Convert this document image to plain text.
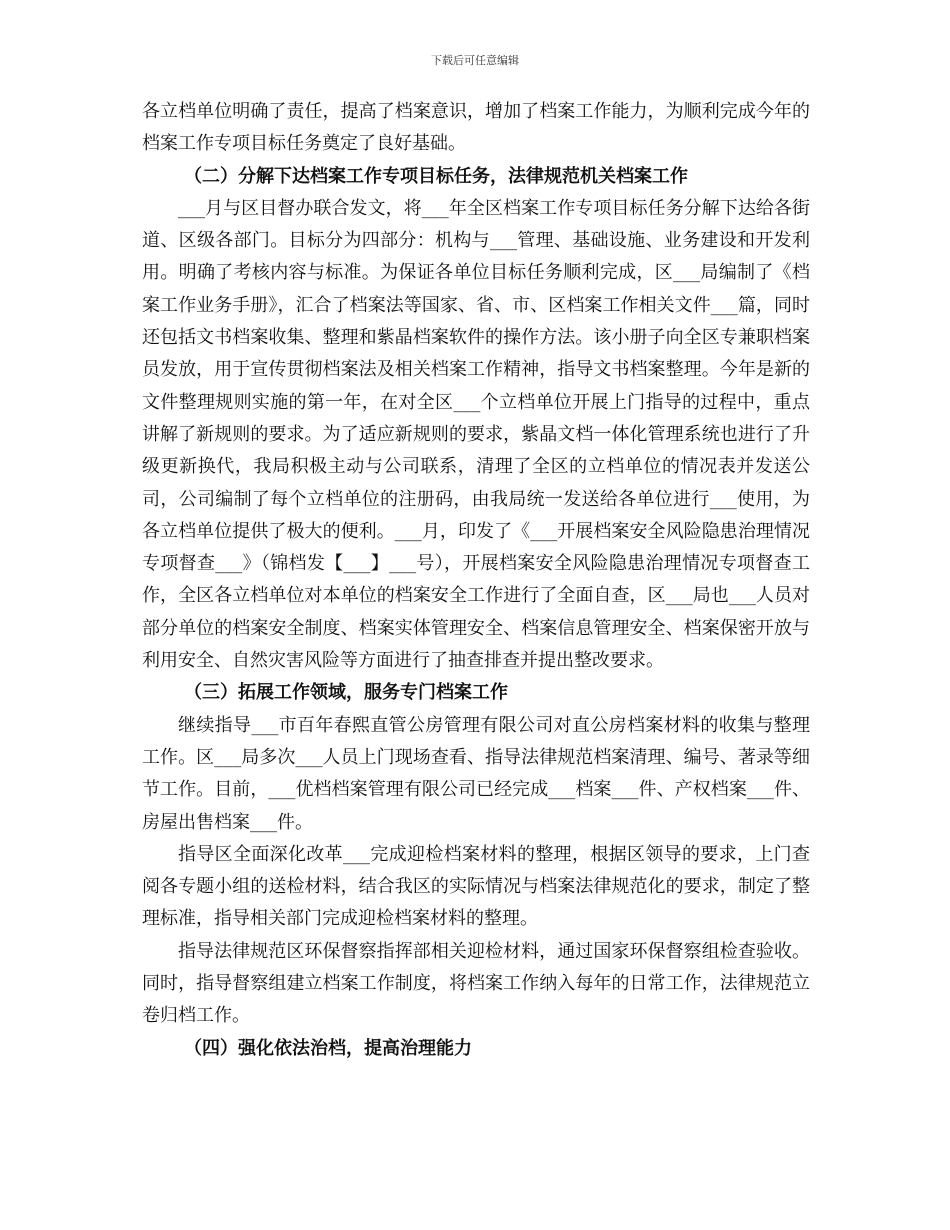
下载后可任意编辑

各立档单位明确了责任，提高了档案意识，增加了档案工作能力，为顺利完成今年的档案工作专项目标任务奠定了良好基础。

（二）分解下达档案工作专项目标任务，法律规范机关档案工作

___月与区目督办联合发文，将___年全区档案工作专项目标任务分解下达给各街道、区级各部门。目标分为四部分：机构与___管理、基础设施、业务建设和开发利用。明确了考核内容与标准。为保证各单位目标任务顺利完成，区___局编制了《档案工作业务手册》，汇合了档案法等国家、省、市、区档案工作相关文件___篇，同时还包括文书档案收集、整理和紫晶档案软件的操作方法。该小册子向全区专兼职档案员发放，用于宣传贯彻档案法及相关档案工作精神，指导文书档案整理。今年是新的文件整理规则实施的第一年，在对全区___个立档单位开展上门指导的过程中，重点讲解了新规则的要求。为了适应新规则的要求，紫晶文档一体化管理系统也进行了升级更新换代，我局积极主动与公司联系，清理了全区的立档单位的情况表并发送公司，公司编制了每个立档单位的注册码，由我局统一发送给各单位进行___使用，为各立档单位提供了极大的便利。___月，印发了《___开展档案安全风险隐患治理情况专项督查___》（锦档发【___】___号），开展档案安全风险隐患治理情况专项督查工作，全区各立档单位对本单位的档案安全工作进行了全面自查，区___局也___人员对部分单位的档案安全制度、档案实体管理安全、档案信息管理安全、档案保密开放与利用安全、自然灾害风险等方面进行了抽查排查并提出整改要求。

（三）拓展工作领域，服务专门档案工作

继续指导___市百年春熙直管公房管理有限公司对直公房档案材料的收集与整理工作。区___局多次___人员上门现场查看、指导法律规范档案清理、编号、著录等细节工作。目前，___优档档案管理有限公司已经完成___档案___件、产权档案___件、房屋出售档案___件。

指导区全面深化改革___完成迎检档案材料的整理，根据区领导的要求，上门查阅各专题小组的送检材料，结合我区的实际情况与档案法律规范化的要求，制定了整理标准，指导相关部门完成迎检档案材料的整理。

指导法律规范区环保督察指挥部相关迎检材料，通过国家环保督察组检查验收。同时，指导督察组建立档案工作制度，将档案工作纳入每年的日常工作，法律规范立卷归档工作。

（四）强化依法治档，提高治理能力
